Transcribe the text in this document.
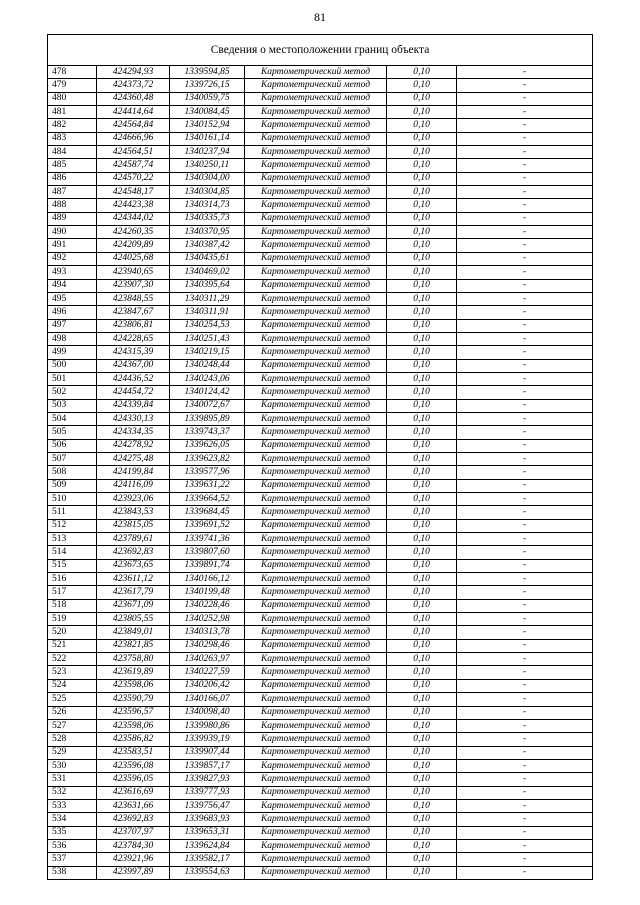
81
Сведения о местоположении границ объекта					
478	424294,93	1339594,85	Картометрический метод	0,10	-
479	424373,72	1339726,15	Картометрический метод	0,10	-
480	424360,48	1340059,75	Картометрический метод	0,10	-
481	424414,64	1340084,45	Картометрический метод	0,10	-
482	424564,84	1340152,94	Картометрический метод	0,10	-
483	424666,96	1340161,14	Картометрический метод	0,10	-
484	424564,51	1340237,94	Картометрический метод	0,10	-
485	424587,74	1340250,11	Картометрический метод	0,10	-
486	424570,22	1340304,00	Картометрический метод	0,10	-
487	424548,17	1340304,85	Картометрический метод	0,10	-
488	424423,38	1340314,73	Картометрический метод	0,10	-
489	424344,02	1340335,73	Картометрический метод	0,10	-
490	424260,35	1340370,95	Картометрический метод	0,10	-
491	424209,89	1340387,42	Картометрический метод	0,10	-
492	424025,68	1340435,61	Картометрический метод	0,10	-
493	423940,65	1340469,02	Картометрический метод	0,10	-
494	423907,30	1340395,64	Картометрический метод	0,10	-
495	423848,55	1340311,29	Картометрический метод	0,10	-
496	423847,67	1340311,91	Картометрический метод	0,10	-
497	423806,81	1340254,53	Картометрический метод	0,10	-
498	424228,65	1340251,43	Картометрический метод	0,10	-
499	424315,39	1340219,15	Картометрический метод	0,10	-
500	424367,00	1340248,44	Картометрический метод	0,10	-
501	424436,52	1340243,06	Картометрический метод	0,10	-
502	424454,72	1340124,42	Картометрический метод	0,10	-
503	424339,84	1340072,67	Картометрический метод	0,10	-
504	424330,13	1339895,89	Картометрический метод	0,10	-
505	424334,35	1339743,37	Картометрический метод	0,10	-
506	424278,92	1339626,05	Картометрический метод	0,10	-
507	424275,48	1339623,82	Картометрический метод	0,10	-
508	424199,84	1339577,96	Картометрический метод	0,10	-
509	424116,09	1339631,22	Картометрический метод	0,10	-
510	423923,06	1339664,52	Картометрический метод	0,10	-
511	423843,53	1339684,45	Картометрический метод	0,10	-
512	423815,05	1339691,52	Картометрический метод	0,10	-
513	423789,61	1339741,36	Картометрический метод	0,10	-
514	423692,83	1339807,60	Картометрический метод	0,10	-
515	423673,65	1339891,74	Картометрический метод	0,10	-
516	423611,12	1340166,12	Картометрический метод	0,10	-
517	423617,79	1340199,48	Картометрический метод	0,10	-
518	423671,09	1340228,46	Картометрический метод	0,10	-
519	423805,55	1340252,98	Картометрический метод	0,10	-
520	423849,01	1340313,78	Картометрический метод	0,10	-
521	423821,85	1340298,46	Картометрический метод	0,10	-
522	423758,80	1340263,97	Картометрический метод	0,10	-
523	423619,89	1340227,59	Картометрический метод	0,10	-
524	423598,06	1340206,42	Картометрический метод	0,10	-
525	423590,79	1340166,07	Картометрический метод	0,10	-
526	423596,57	1340098,40	Картометрический метод	0,10	-
527	423598,06	1339980,86	Картометрический метод	0,10	-
528	423586,82	1339939,19	Картометрический метод	0,10	-
529	423583,51	1339907,44	Картометрический метод	0,10	-
530	423596,08	1339857,17	Картометрический метод	0,10	-
531	423596,05	1339827,93	Картометрический метод	0,10	-
532	423616,69	1339777,93	Картометрический метод	0,10	-
533	423631,66	1339756,47	Картометрический метод	0,10	-
534	423692,83	1339683,93	Картометрический метод	0,10	-
535	423707,97	1339653,31	Картометрический метод	0,10	-
536	423784,30	1339624,84	Картометрический метод	0,10	-
537	423921,96	1339582,17	Картометрический метод	0,10	-
538	423997,89	1339554,63	Картометрический метод	0,10	-
